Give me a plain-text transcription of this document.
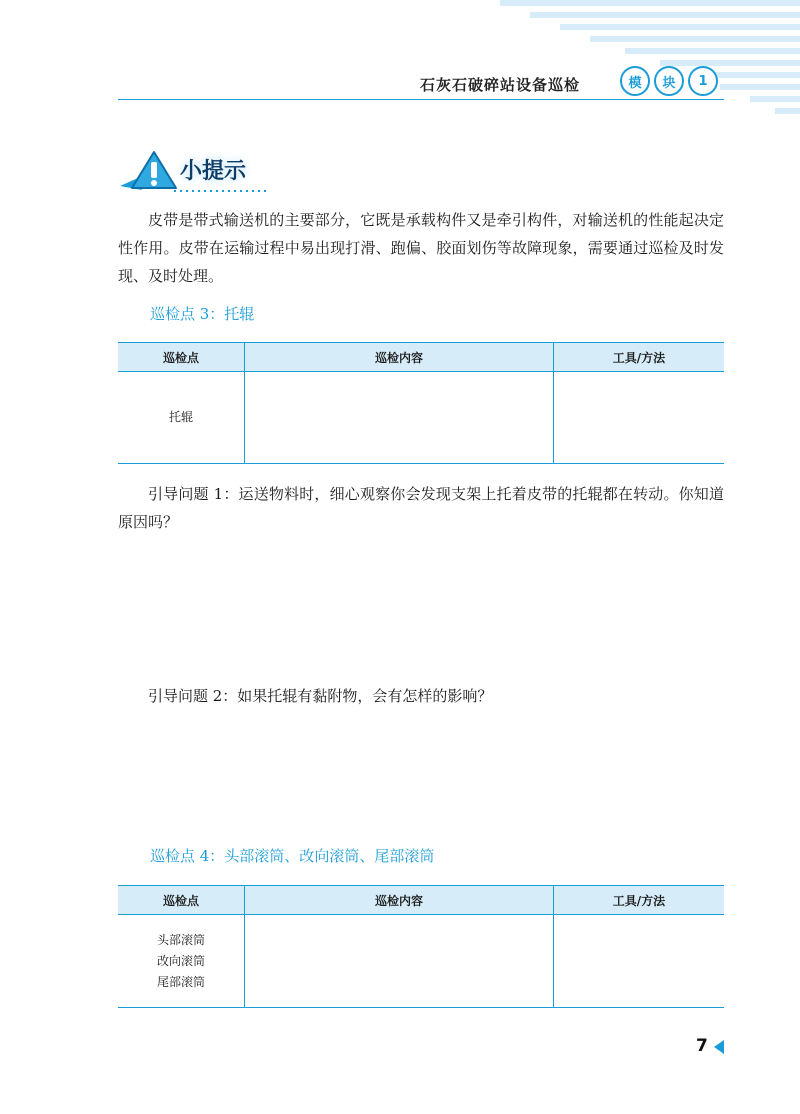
石灰石破碎站设备巡检	模	块	1
小提示

皮带是带式输送机的主要部分，它既是承载构件又是牵引构件，对输送机的性能起决定性作用。皮带在运输过程中易出现打滑、跑偏、胶面划伤等故障现象，需要通过巡检及时发现、及时处理。

巡检点 3：托辊

巡检点	巡检内容	工具/方法
托辊		

引导问题 1：运送物料时，细心观察你会发现支架上托着皮带的托辊都在转动。你知道原因吗？

引导问题 2：如果托辊有黏附物，会有怎样的影响？

巡检点 4：头部滚筒、改向滚筒、尾部滚筒

巡检点	巡检内容	工具/方法

头部滚筒
改向滚筒
尾部滚筒		

7
